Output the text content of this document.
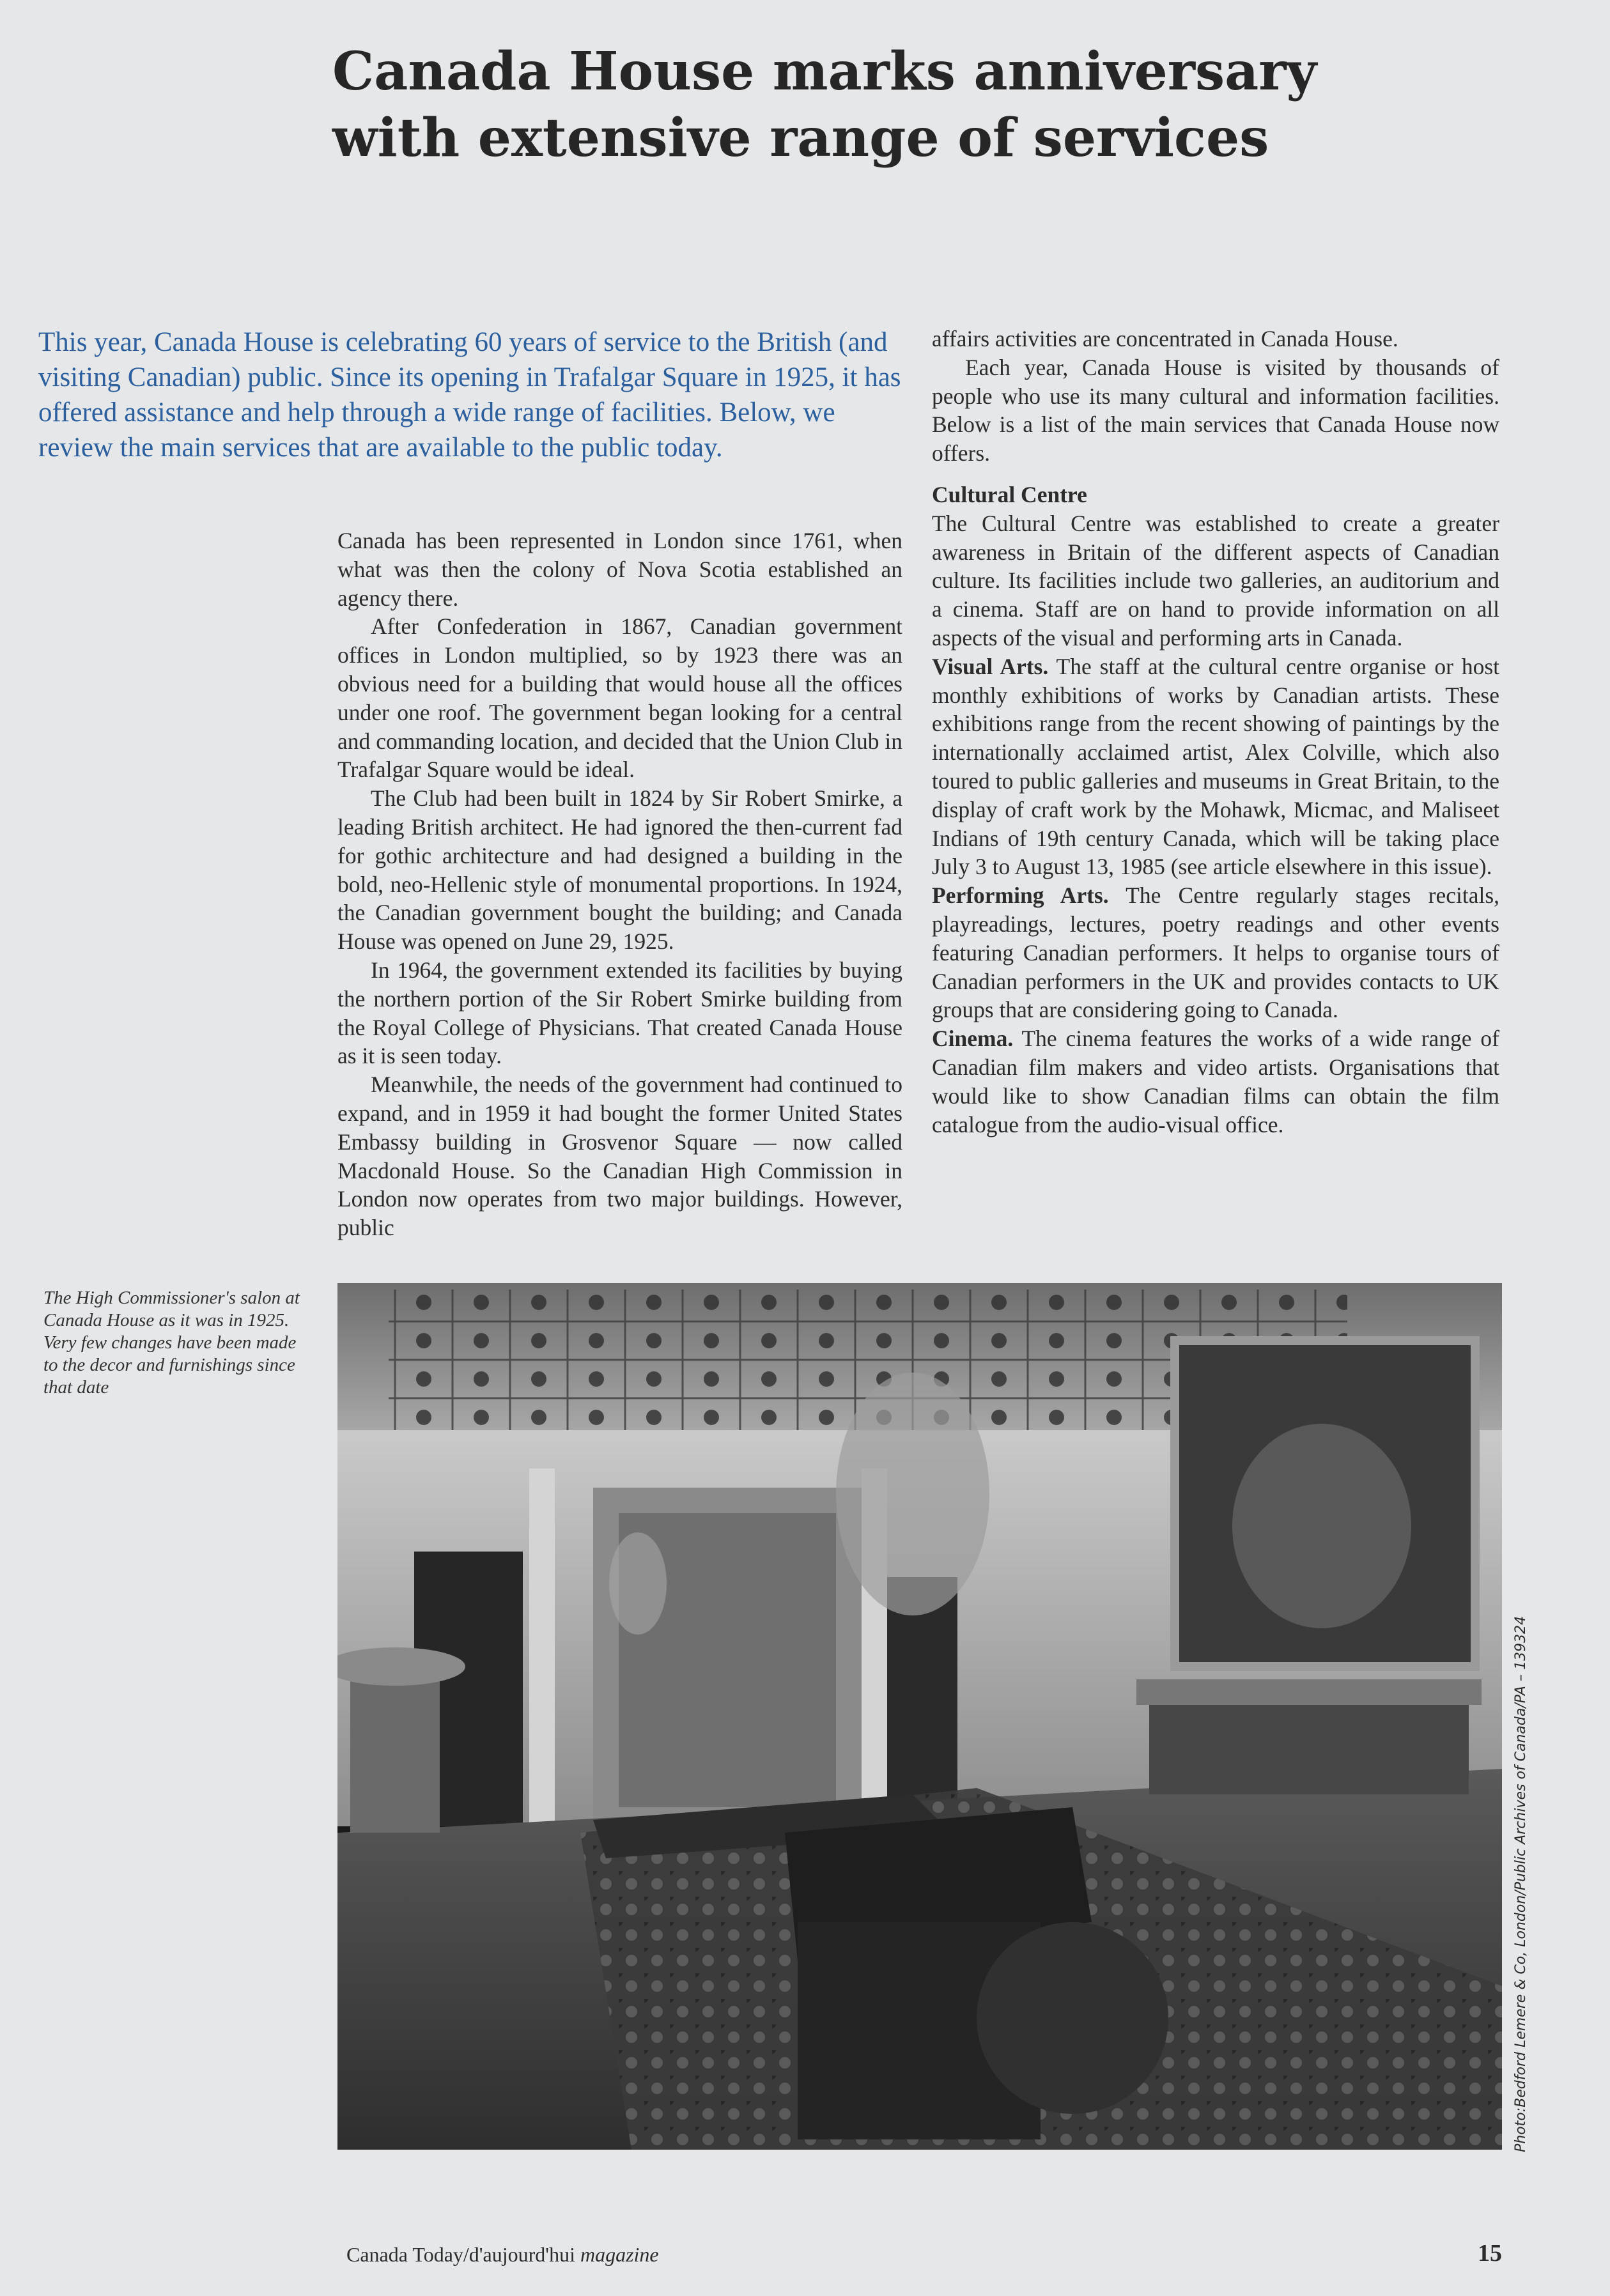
Canada House marks anniversary with extensive range of services

This year, Canada House is celebrating 60 years of service to the British (and visiting Canadian) public. Since its opening in Trafalgar Square in 1925, it has offered assistance and help through a wide range of facilities. Below, we review the main services that are available to the public today.

Canada has been represented in London since 1761, when what was then the colony of Nova Scotia established an agency there.

After Confederation in 1867, Canadian government offices in London multiplied, so by 1923 there was an obvious need for a building that would house all the offices under one roof. The government began looking for a central and commanding location, and decided that the Union Club in Trafalgar Square would be ideal.

The Club had been built in 1824 by Sir Robert Smirke, a leading British architect. He had ignored the then-current fad for gothic architecture and had designed a building in the bold, neo-Hellenic style of monumental proportions. In 1924, the Canadian government bought the building; and Canada House was opened on June 29, 1925.

In 1964, the government extended its facilities by buying the northern portion of the Sir Robert Smirke building from the Royal College of Physicians. That created Canada House as it is seen today.

Meanwhile, the needs of the government had continued to expand, and in 1959 it had bought the former United States Embassy building in Grosvenor Square — now called Macdonald House. So the Canadian High Commission in London now operates from two major buildings. However, public

affairs activities are concentrated in Canada House.

Each year, Canada House is visited by thousands of people who use its many cultural and information facilities. Below is a list of the main services that Canada House now offers.

Cultural Centre

The Cultural Centre was established to create a greater awareness in Britain of the different aspects of Canadian culture. Its facilities include two galleries, an auditorium and a cinema. Staff are on hand to provide information on all aspects of the visual and performing arts in Canada.

Visual Arts. The staff at the cultural centre organise or host monthly exhibitions of works by Canadian artists. These exhibitions range from the recent showing of paintings by the internationally acclaimed artist, Alex Colville, which also toured to public galleries and museums in Great Britain, to the display of craft work by the Mohawk, Micmac, and Maliseet Indians of 19th century Canada, which will be taking place July 3 to August 13, 1985 (see article elsewhere in this issue).

Performing Arts. The Centre regularly stages recitals, playreadings, lectures, poetry readings and other events featuring Canadian performers. It helps to organise tours of Canadian performers in the UK and provides contacts to UK groups that are considering going to Canada.

Cinema. The cinema features the works of a wide range of Canadian film makers and video artists. Organisations that would like to show Canadian films can obtain the film catalogue from the audio-visual office.

The High Commissioner's salon at Canada House as it was in 1925. Very few changes have been made to the decor and furnishings since that date

Photo:Bedford Lemere & Co, London/Public Archives of Canada/PA – 139324
Canada Today/d'aujourd'hui magazine	15
